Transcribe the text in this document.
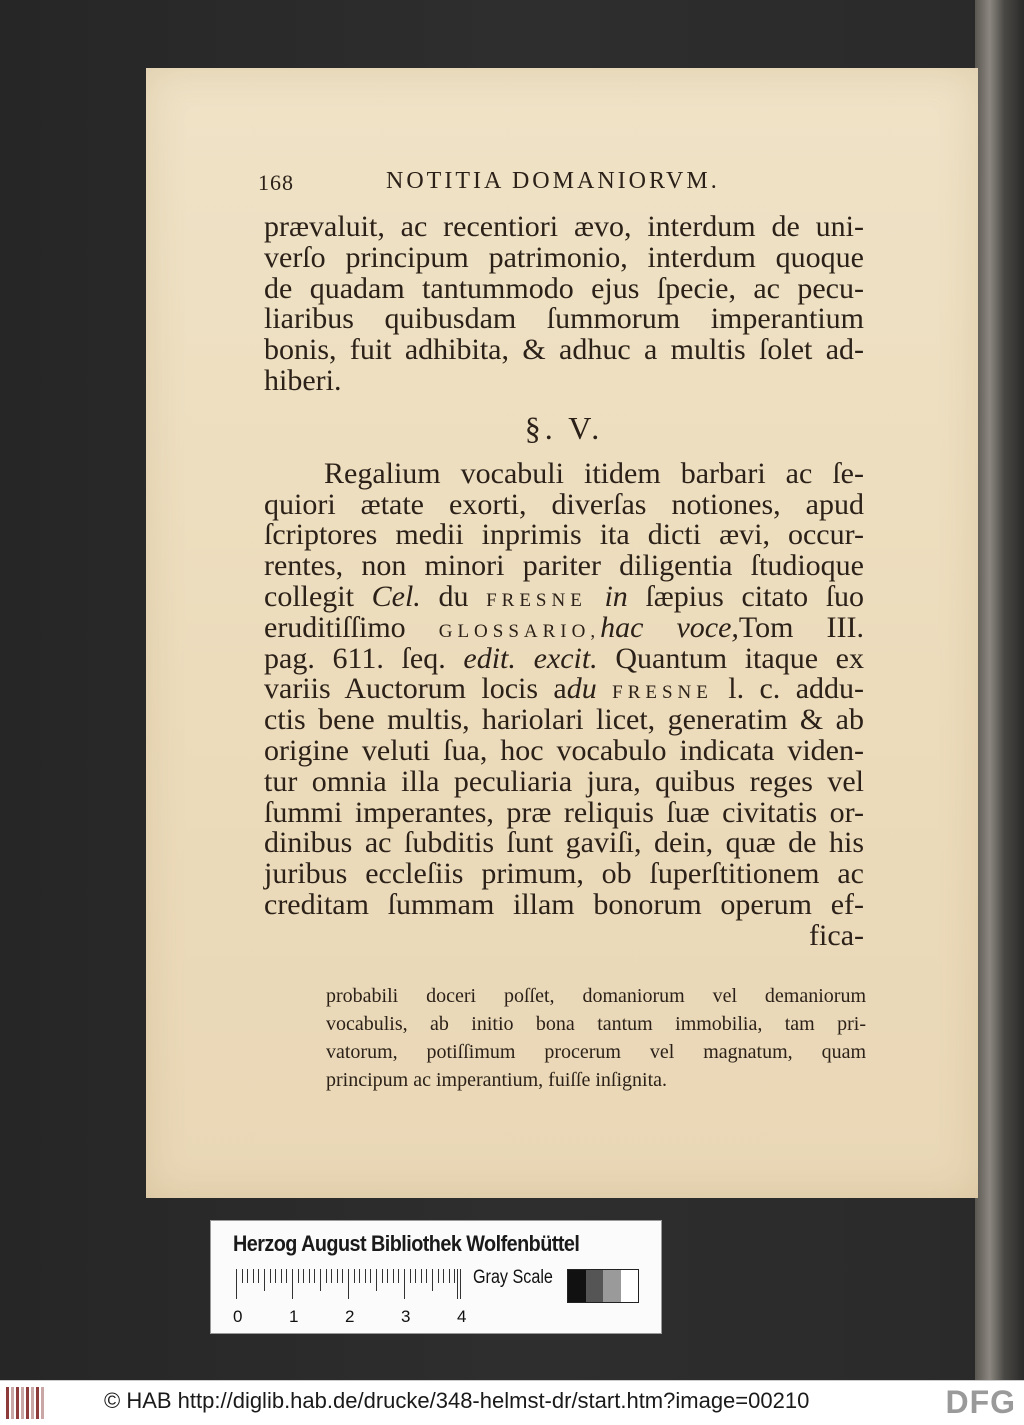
168	NOTITIA DOMANIORVM.
prævaluit, ac recentiori ævo, interdum de uni-
verſo principum patrimonio, interdum quoque
de quadam tantummodo ejus ſpecie, ac pecu-
liaribus quibusdam ſummorum imperantium
bonis, fuit adhibita, & adhuc a multis ſolet ad-
hiberi.
§. V.
Regalium vocabuli itidem barbari ac ſe-
quiori ætate exorti, diverſas notiones, apud
ſcriptores medii inprimis ita dicti ævi, occur-
rentes, non minori pariter diligentia ſtudioque
collegit Cel. du FRESNE in ſæpius citato ſuo
eruditiſſimo GLOSSARIO,hac voce,Tom III.
pag. 611. ſeq. edit. excit. Quantum itaque ex
variis Auctorum locis adu FRESNE l. c. addu-
ctis bene multis, hariolari licet, generatim & ab
origine veluti ſua, hoc vocabulo indicata viden-
tur omnia illa peculiaria jura, quibus reges vel
ſummi imperantes, præ reliquis ſuæ civitatis or-
dinibus ac ſubditis ſunt gaviſi, dein, quæ de his
juribus eccleſiis primum, ob ſuperſtitionem ac
creditam ſummam illam bonorum operum ef-
fica-
probabili doceri poſſet, domaniorum vel demaniorum
vocabulis, ab initio bona tantum immobilia, tam pri-
vatorum, potiſſimum procerum vel magnatum, quam
principum ac imperantium, fuiſſe inſignita.
Herzog August Bibliothek Wolfenbüttel
0	1	2	3	4
Gray Scale
© HAB http://diglib.hab.de/drucke/348-helmst-dr/start.htm?image=00210	DFG
